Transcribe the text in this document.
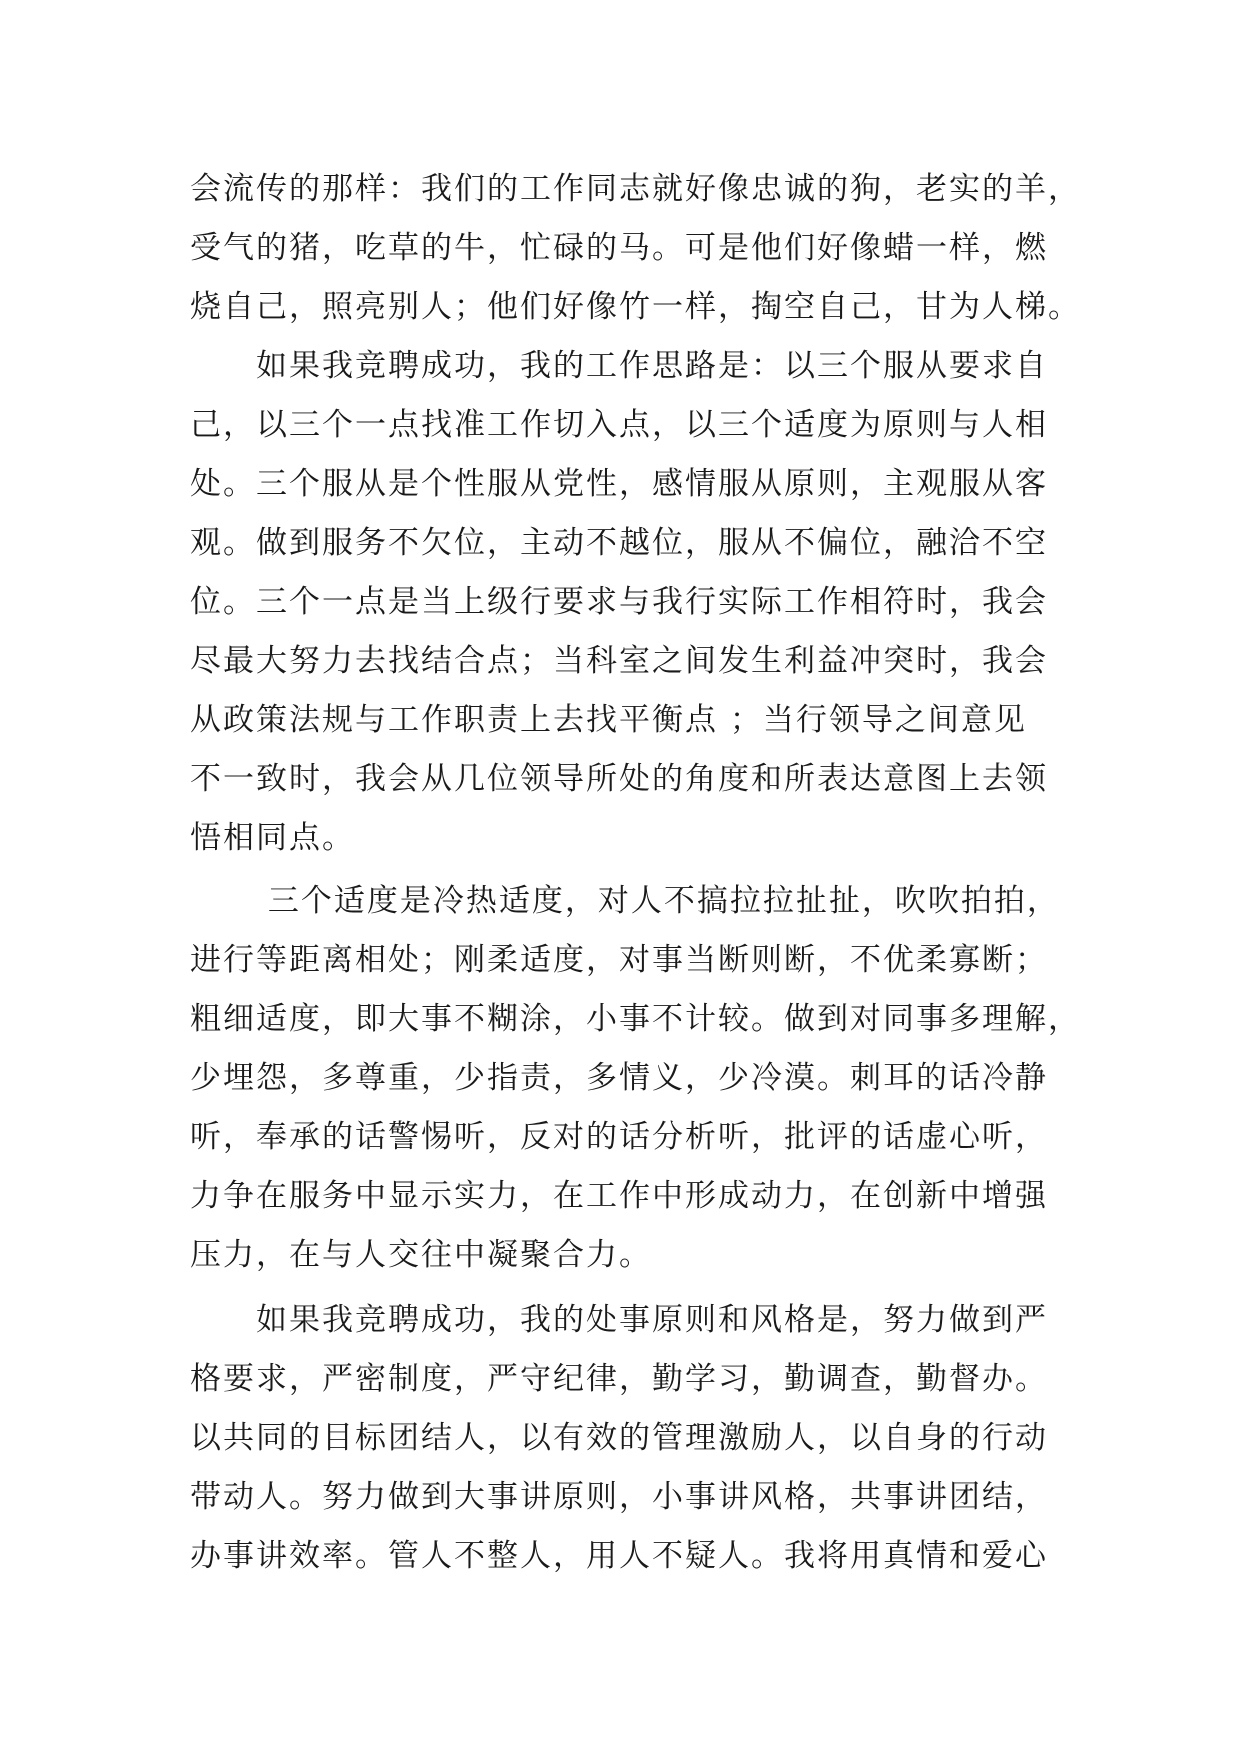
会流传的那样：我们的工作同志就好像忠诚的狗，老实的羊，
受气的猪，吃草的牛，忙碌的马。可是他们好像蜡一样，燃
烧自己，照亮别人；他们好像竹一样，掏空自己，甘为人梯。
　　如果我竞聘成功，我的工作思路是：以三个服从要求自
己，以三个一点找准工作切入点，以三个适度为原则与人相
处。三个服从是个性服从党性，感情服从原则，主观服从客
观。做到服务不欠位，主动不越位，服从不偏位，融洽不空
位。三个一点是当上级行要求与我行实际工作相符时，我会
尽最大努力去找结合点；当科室之间发生利益冲突时，我会
从政策法规与工作职责上去找平衡点 ；当行领导之间意见
不一致时，我会从几位领导所处的角度和所表达意图上去领
悟相同点。
　　 三个适度是冷热适度，对人不搞拉拉扯扯，吹吹拍拍，
进行等距离相处；刚柔适度，对事当断则断，不优柔寡断；
粗细适度，即大事不糊涂，小事不计较。做到对同事多理解，
少埋怨，多尊重，少指责，多情义，少冷漠。刺耳的话冷静
听，奉承的话警惕听，反对的话分析听，批评的话虚心听，
力争在服务中显示实力，在工作中形成动力，在创新中增强
压力，在与人交往中凝聚合力。
　　如果我竞聘成功，我的处事原则和风格是，努力做到严
格要求，严密制度，严守纪律，勤学习，勤调查，勤督办。
以共同的目标团结人，以有效的管理激励人，以自身的行动
带动人。努力做到大事讲原则，小事讲风格，共事讲团结，
办事讲效率。管人不整人，用人不疑人。我将用真情和爱心
